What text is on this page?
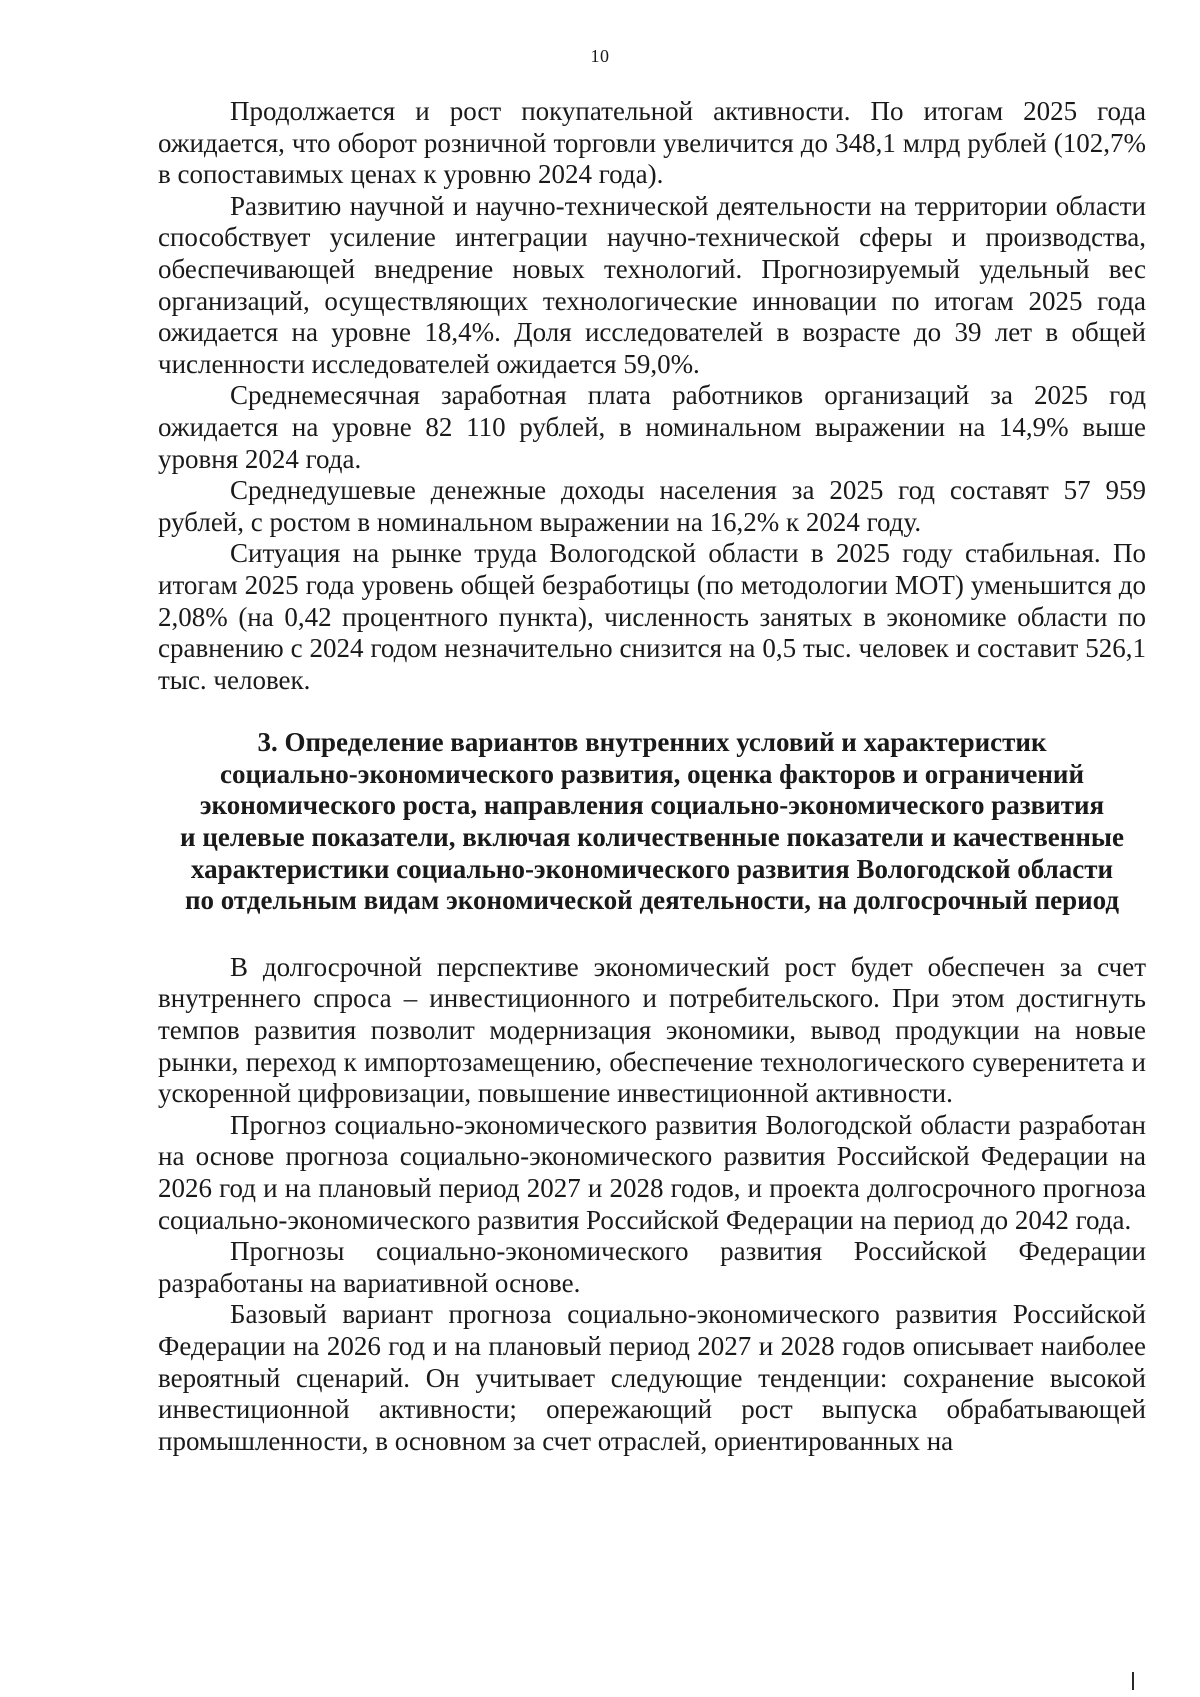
10

Продолжается и рост покупательной активности. По итогам 2025 года ожидается, что оборот розничной торговли увеличится до 348,1 млрд рублей (102,7% в сопоставимых ценах к уровню 2024 года).

Развитию научной и научно-технической деятельности на территории области способствует усиление интеграции научно-технической сферы и производства, обеспечивающей внедрение новых технологий. Прогнозируемый удельный вес организаций, осуществляющих технологические инновации по итогам 2025 года ожидается на уровне 18,4%. Доля исследователей в возрасте до 39 лет в общей численности исследователей ожидается 59,0%.

Среднемесячная заработная плата работников организаций за 2025 год ожидается на уровне 82 110 рублей, в номинальном выражении на 14,9% выше уровня 2024 года.

Среднедушевые денежные доходы населения за 2025 год составят 57 959 рублей, с ростом в номинальном выражении на 16,2% к 2024 году.

Ситуация на рынке труда Вологодской области в 2025 году стабильная. По итогам 2025 года уровень общей безработицы (по методологии МОТ) уменьшится до 2,08% (на 0,42 процентного пункта), численность занятых в экономике области по сравнению с 2024 годом незначительно снизится на 0,5 тыс. человек и составит 526,1 тыс. человек.

3. Определение вариантов внутренних условий и характеристик
социально-экономического развития, оценка факторов и ограничений
экономического роста, направления социально-экономического развития
и целевые показатели, включая количественные показатели и качественные
характеристики социально-экономического развития Вологодской области
по отдельным видам экономической деятельности, на долгосрочный период

В долгосрочной перспективе экономический рост будет обеспечен за счет внутреннего спроса – инвестиционного и потребительского. При этом достигнуть темпов развития позволит модернизация экономики, вывод продукции на новые рынки, переход к импортозамещению, обеспечение технологического суверенитета и ускоренной цифровизации, повышение инвестиционной активности.

Прогноз социально-экономического развития Вологодской области разработан на основе прогноза социально-экономического развития Российской Федерации на 2026 год и на плановый период 2027 и 2028 годов, и проекта долгосрочного прогноза социально-экономического развития Российской Федерации на период до 2042 года.

Прогнозы социально-экономического развития Российской Федерации разработаны на вариативной основе.

Базовый вариант прогноза социально-экономического развития Российской Федерации на 2026 год и на плановый период 2027 и 2028 годов описывает наиболее вероятный сценарий. Он учитывает следующие тенденции: сохранение высокой инвестиционной активности; опережающий рост выпуска обрабатывающей промышленности, в основном за счет отраслей, ориентированных на
